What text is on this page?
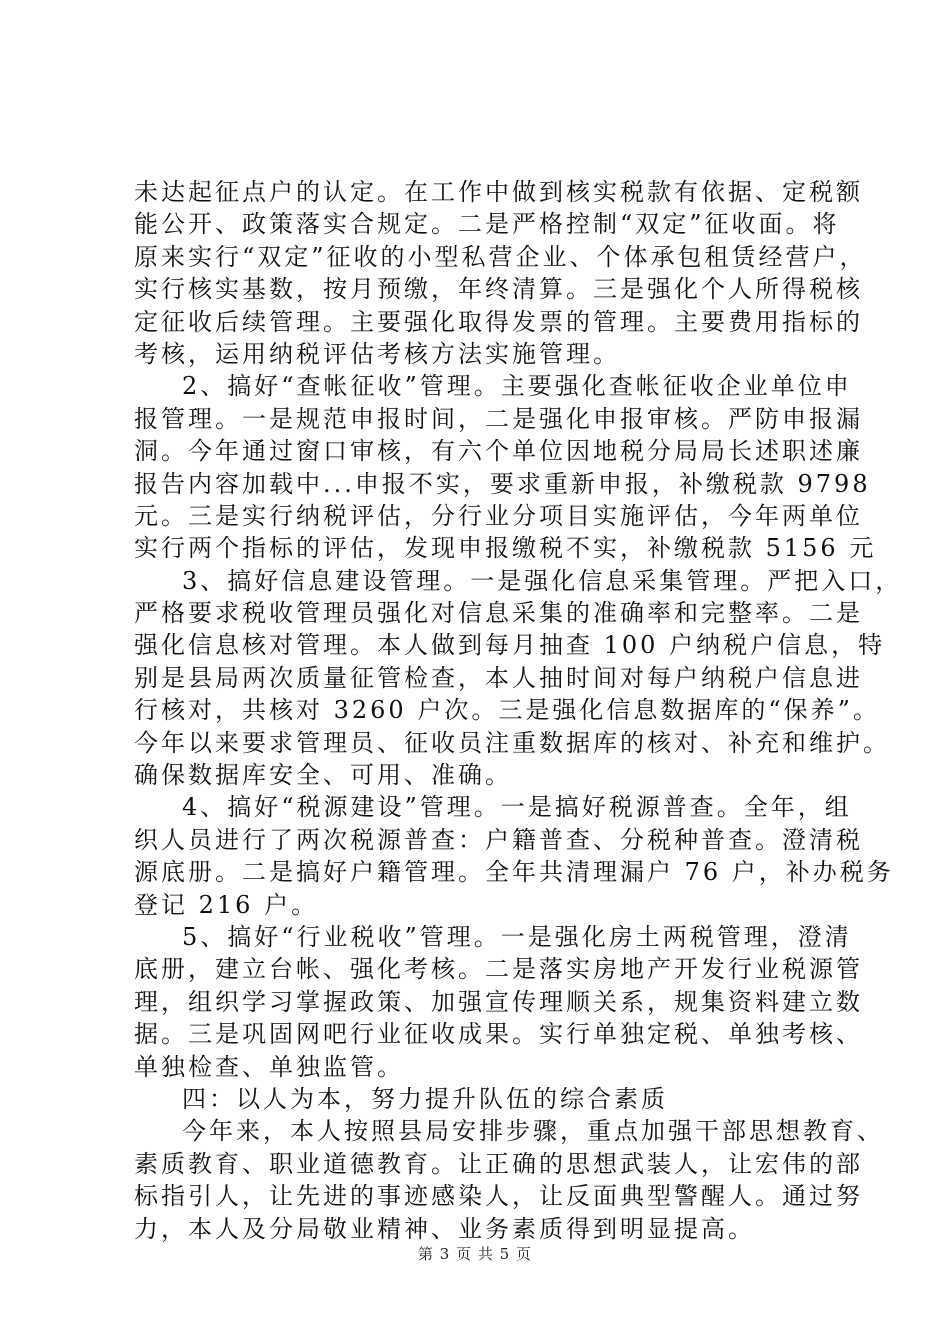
未达起征点户的认定。在工作中做到核实税款有依据、定税额
能公开、政策落实合规定。二是严格控制“双定”征收面。将
原来实行“双定”征收的小型私营企业、个体承包租赁经营户，
实行核实基数，按月预缴，年终清算。三是强化个人所得税核
定征收后续管理。主要强化取得发票的管理。主要费用指标的
考核，运用纳税评估考核方法实施管理。
2、搞好“查帐征收”管理。主要强化查帐征收企业单位申
报管理。一是规范申报时间，二是强化申报审核。严防申报漏
洞。今年通过窗口审核，有六个单位因地税分局局长述职述廉
报告内容加载中...申报不实，要求重新申报，补缴税款 9798
元。三是实行纳税评估，分行业分项目实施评估，今年两单位
实行两个指标的评估，发现申报缴税不实，补缴税款 5156 元
3、搞好信息建设管理。一是强化信息采集管理。严把入口，
严格要求税收管理员强化对信息采集的准确率和完整率。二是
强化信息核对管理。本人做到每月抽查 100 户纳税户信息，特
别是县局两次质量征管检查，本人抽时间对每户纳税户信息进
行核对，共核对 3260 户次。三是强化信息数据库的“保养”。
今年以来要求管理员、征收员注重数据库的核对、补充和维护。
确保数据库安全、可用、准确。
4、搞好“税源建设”管理。一是搞好税源普查。全年，组
织人员进行了两次税源普查：户籍普查、分税种普查。澄清税
源底册。二是搞好户籍管理。全年共清理漏户 76 户，补办税务
登记 216 户。
5、搞好“行业税收”管理。一是强化房土两税管理，澄清
底册，建立台帐、强化考核。二是落实房地产开发行业税源管
理，组织学习掌握政策、加强宣传理顺关系，规集资料建立数
据。三是巩固网吧行业征收成果。实行单独定税、单独考核、
单独检查、单独监管。
四：以人为本，努力提升队伍的综合素质
今年来，本人按照县局安排步骤，重点加强干部思想教育、
素质教育、职业道德教育。让正确的思想武装人，让宏伟的部
标指引人，让先进的事迹感染人，让反面典型警醒人。通过努
力，本人及分局敬业精神、业务素质得到明显提高。
第 3 页 共 5 页
